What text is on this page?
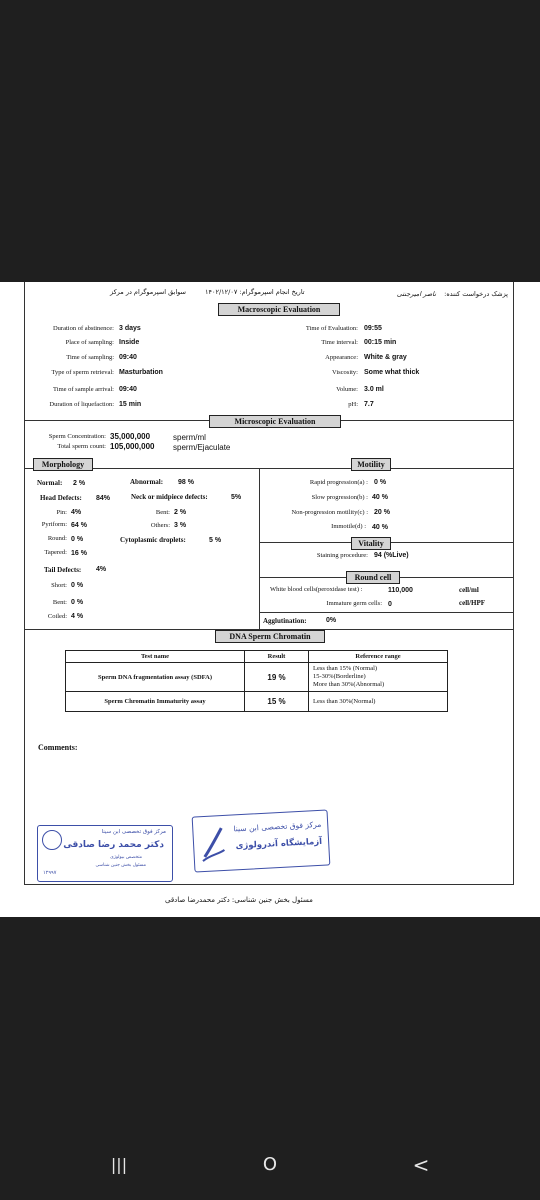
پزشک درخواست کننده: ناصر امیرجنتی
تاریخ انجام اسپرموگرام: ۱۴۰۲/۱۲/۰۷
سوابق اسپرموگرام در مرکز
Macroscopic Evaluation
Duration of abstinence: 3 days
Place of sampling: Inside
Time of sampling: 09:40
Type of sperm retrieval: Masturbation
Time of sample arrival: 09:40
Duration of liquefaction: 15 min
Time of Evaluation: 09:55
Time interval: 00:15 min
Appearance: White & gray
Viscosity: Some what thick
Volume: 3.0 ml
pH: 7.7
Microscopic Evaluation
Sperm Concentration: 35,000,000	sperm/ml
Total sperm count: 105,000,000 sperm/Ejaculate
Morphology	Motility
Vitality
Round cell
Normal: 2 %	Abnormal: 98 %
Head Defects: 84%	Neck or midpiece defects:	5%
Pin: 4%	Bent: 2 %
Pyriform: 64 %	Others: 3 %
Round: 0 %	Cytoplasmic droplets:	5 %
Tapered: 16 %
Tail Defects: 4%
Short: 0 %
Bent: 0 %
Coiled: 4 %
Rapid progression(a) : 0 %
Slow progression(b) : 40 %
Non-progression motility(c) : 20 %
Immotile(d) : 40 %
Staining procedure: 94 (%Live)
White blood cells(peroxidase test) :	110,000	cell/ml
Immature germ cells: 0	cell/HPF
Agglutination:	0%
DNA Sperm Chromatin
Test name	Result	Reference range
Sperm DNA fragmentation assay (SDFA)	19 %	Less than 15% (Normal)
15-30%(Borderline)
More than 30%(Abnormal)

Sperm Chromatin Immaturity assay	15 %	Less than 30%(Normal)
Comments:
مرکز فوق تخصصی ابن سینا
دکتر محمد رضا صادقی
متخصص بیولوژی
مسئول بخش جنین شناسی
۱۲۹۹۷
مرکز فوق تخصصی ابن سینا
آزمایشگاه آندرولوژی
مسئول بخش جنین شناسی: دکتر محمدرضا صادقی
|||	O	<
